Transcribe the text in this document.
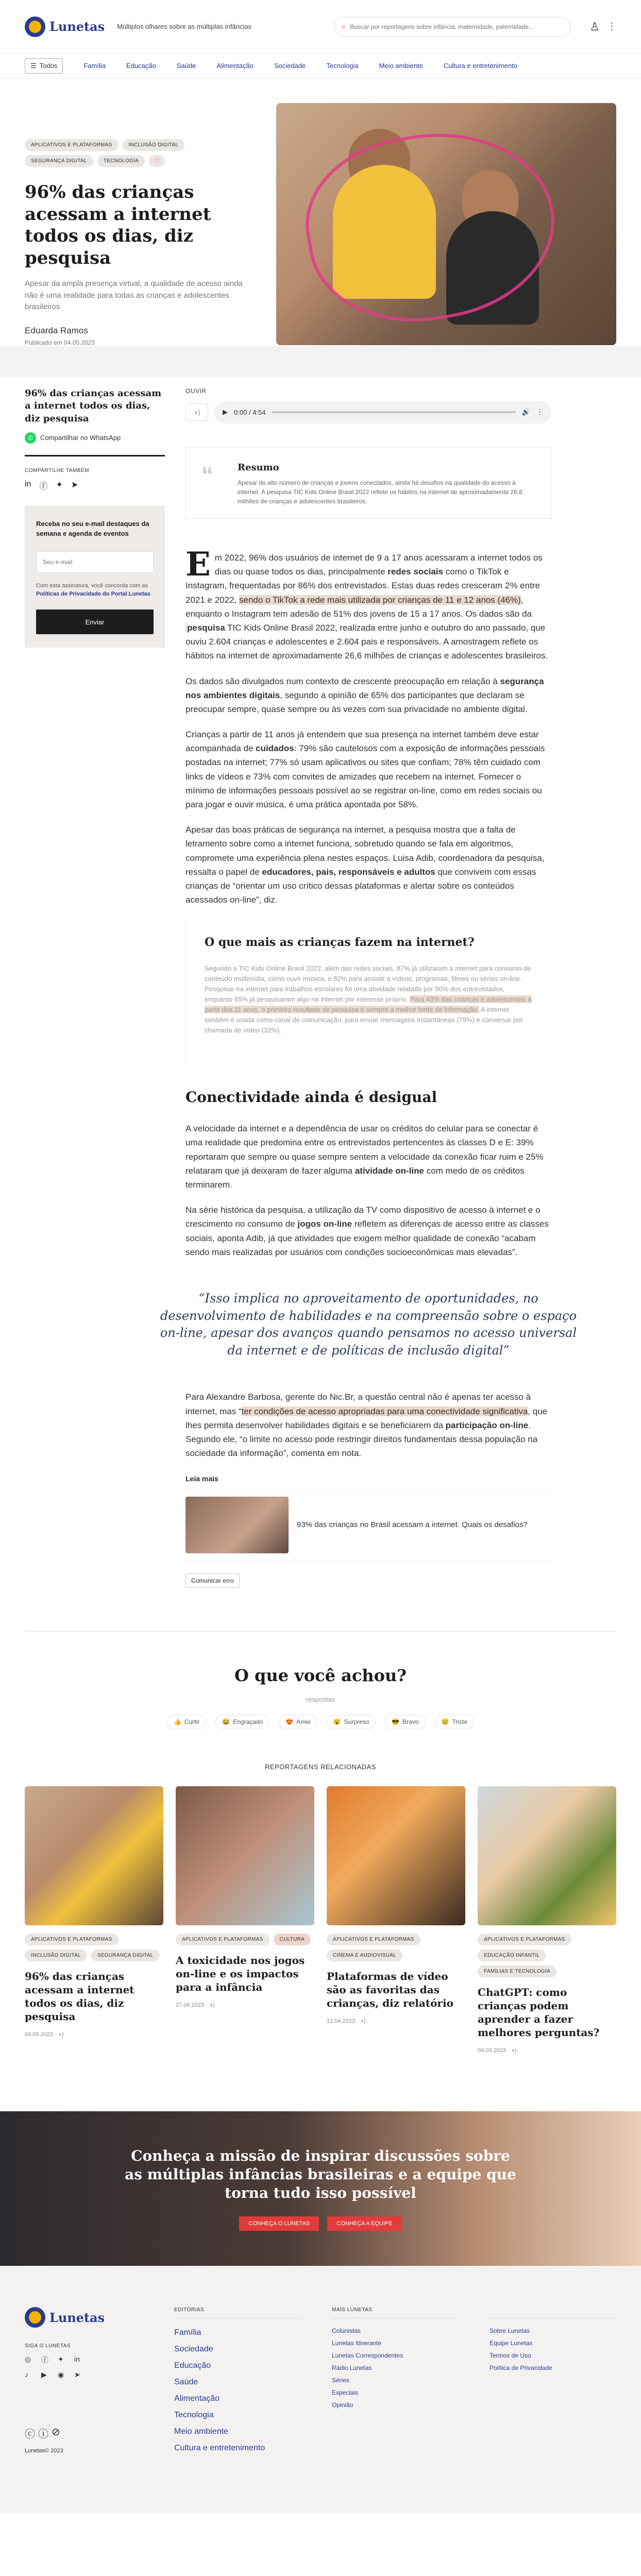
Lunetas Múltiplos olhares sobre as múltiplas infâncias	⌕
Buscar por reportagens sobre infância, maternidade, paternidade...	♙ ⋮
☰ Todos	Família	Educação	Saúde	Alimentação	Sociedade	Tecnologia	Meio ambiente	Cultura e entretenimento
APLICATIVOS E PLATAFORMAS	INCLUSÃO DIGITAL
SEGURANÇA DIGITAL	TECNOLOGIA	♡
96% das crianças acessam a internet todos os dias, diz pesquisa

Apesar da ampla presença virtual, a qualidade de acesso ainda não é uma realidade para todas as crianças e adolescentes brasileiros

Eduarda Ramos
Publicado em 04.05.2023
96% das crianças acessam a internet todos os dias, diz pesquisa
✆	Compartilhar no WhatsApp
COMPARTILHE TAMBÉM
in ⓕ ✦ ➤
Receba no seu e-mail destaques da semana e agenda de eventos
Seu e-mail

Com esta assinatura, você concorda com as Políticas de Privacidade do Portal Lunetas

Enviar
OUVIR
◖)	▶ 0:00 / 4:54	🔊 ⋮
“	Resumo

Apesar do alto número de crianças e jovens conectados, ainda há desafios na qualidade do acesso à internet. A pesquisa TIC Kids Online Brasil 2022 reflete os hábitos na internet de aproximadamente 26,6 milhões de crianças e adolescentes brasileiros.

Em 2022, 96% dos usuários de internet de 9 a 17 anos acessaram a internet todos os dias ou quase todos os dias, principalmente redes sociais como o TikTok e Instagram, frequentadas por 86% dos entrevistados. Estas duas redes cresceram 2% entre 2021 e 2022, sendo o TikTok a rede mais utilizada por crianças de 11 e 12 anos (46%), enquanto o Instagram tem adesão de 51% dos jovens de 15 a 17 anos. Os dados são da pesquisa TIC Kids Online Brasil 2022, realizada entre junho e outubro do ano passado, que ouviu 2.604 crianças e adolescentes e 2.604 pais e responsáveis. A amostragem reflete os hábitos na internet de aproximadamente 26,6 milhões de crianças e adolescentes brasileiros.

Os dados são divulgados num contexto de crescente preocupação em relação à segurança nos ambientes digitais, segundo a opinião de 65% dos participantes que declaram se preocupar sempre, quase sempre ou às vezes com sua privacidade no ambiente digital.

Crianças a partir de 11 anos já entendem que sua presença na internet também deve estar acompanhada de cuidados: 79% são cautelosos com a exposição de informações pessoais postadas na internet; 77% só usam aplicativos ou sites que confiam; 78% têm cuidado com links de vídeos e 73% com convites de amizades que recebem na internet. Fornecer o mínimo de informações pessoais possível ao se registrar on-line, como em redes sociais ou para jogar e ouvir música, é uma prática apontada por 58%.

Apesar das boas práticas de segurança na internet, a pesquisa mostra que a falta de letramento sobre como a internet funciona, sobretudo quando se fala em algoritmos, compromete uma experiência plena nestes espaços. Luisa Adib, coordenadora da pesquisa, ressalta o papel de educadores, pais, responsáveis e adultos que convivem com essas crianças de “orientar um uso crítico dessas plataformas e alertar sobre os conteúdos acessados on-line”, diz.

O que mais as crianças fazem na internet?

Segundo a TIC Kids Online Brasil 2022, além das redes sociais, 87% já utilizaram a internet para consumo de conteúdo multimídia, como ouvir música, e 82% para assistir a vídeos, programas, filmes ou séries on-line. Pesquisar na internet para trabalhos escolares foi uma atividade relatada por 80% dos entrevistados, enquanto 65% já pesquisaram algo na internet por interesse próprio. Para 43% das crianças e adolescentes a partir dos 11 anos, o primeiro resultado de pesquisa é sempre a melhor fonte de informação. A internet também é usada como canal de comunicação, para enviar mensagens instantâneas (79%) e conversar por chamada de vídeo (32%).

Conectividade ainda é desigual

A velocidade da internet e a dependência de usar os créditos do celular para se conectar é uma realidade que predomina entre os entrevistados pertencentes às classes D e E: 39% reportaram que sempre ou quase sempre sentem a velocidade da conexão ficar ruim e 25% relataram que já deixaram de fazer alguma atividade on-line com medo de os créditos terminarem.

Na série histórica da pesquisa, a utilização da TV como dispositivo de acesso à internet e o crescimento no consumo de jogos on-line refletem as diferenças de acesso entre as classes sociais, aponta Adib, já que atividades que exigem melhor qualidade de conexão “acabam sendo mais realizadas por usuários com condições socioeconômicas mais elevadas”.

“Isso implica no aproveitamento de oportunidades, no desenvolvimento de habilidades e na compreensão sobre o espaço on-line, apesar dos avanços quando pensamos no acesso universal da internet e de políticas de inclusão digital”

Para Alexandre Barbosa, gerente do Nic.Br, a questão central não é apenas ter acesso à internet, mas “ter condições de acesso apropriadas para uma conectividade significativa, que lhes permita desenvolver habilidades digitais e se beneficiarem da participação on-line. Segundo ele, “o limite no acesso pode restringir direitos fundamentais dessa população na sociedade da informação”, comenta em nota.

Leia mais
93% das crianças no Brasil acessam a internet. Quais os desafios?
Comunicar erro
O que você achou?
respostas
👍 Curtir	😂 Engraçado	😍 Amei	😮 Surpreso	😎 Bravo	😢 Triste
REPORTAGENS RELACIONADAS
APLICATIVOS E PLATAFORMAS
INCLUSÃO DIGITAL	SEGURANÇA DIGITAL
96% das crianças acessam a internet todos os dias, diz pesquisa
04.05.2023 ◖)
APLICATIVOS E PLATAFORMAS	CULTURA
A toxicidade nos jogos on-line e os impactos para a infância
27.04.2023 ◖)
APLICATIVOS E PLATAFORMAS
CINEMA E AUDIOVISUAL
Plataformas de vídeo são as favoritas das crianças, diz relatório
12.04.2023 ◖)
APLICATIVOS E PLATAFORMAS
EDUCAÇÃO INFANTIL
FAMÍLIAS E TECNOLOGIA
ChatGPT: como crianças podem aprender a fazer melhores perguntas?
04.03.2023 ◖)
Conheça a missão de inspirar discussões sobre as múltiplas infâncias brasileiras e a equipe que torna tudo isso possível
CONHEÇA O LUNETAS	CONHEÇA A EQUIPE
Lunetas
SIGA O LUNETAS
◎	ⓕ	✦	in
♪	▶	◉	➤
ⓒ ⓘ ⊘
Lunetas© 2023
EDITORIAS
Família
Sociedade
Educação
Saúde
Alimentação
Tecnologia
Meio ambiente
Cultura e entretenimento
MAIS LUNETAS
Colunistas
Lunetas Itinerante
Lunetas Correspondentes
Rádio Lunetas
Séries
Especiais
Opinião

Sobre Lunetas
Equipe Lunetas
Termos de Uso
Política de Privacidade
